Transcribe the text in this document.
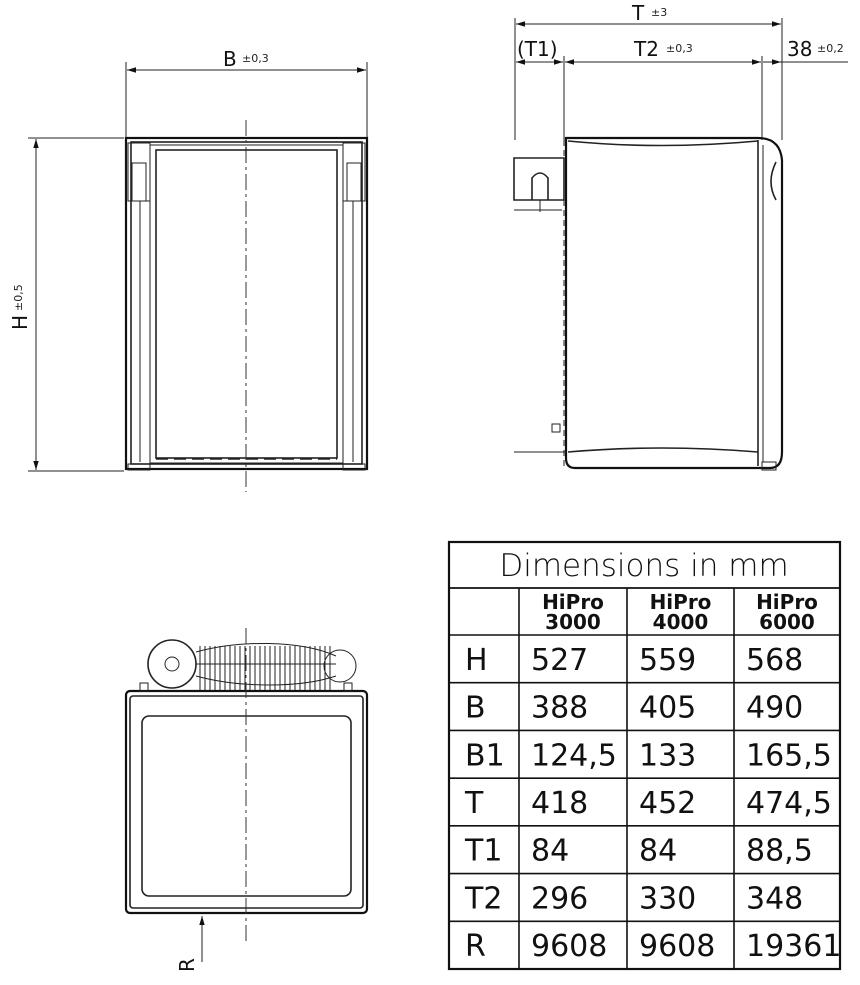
B ±0,3
H
±0,5
T ±3
(T1)	T2 ±0,3	38 ±0,2
R
Dimensions in mm
HiPro
3000
HiPro
4000
HiPro
6000
H 527 559 568
B 388 405 490
B1 124,5 133 165,5
T 418 452 474,5
T1 84 84 88,5
T2 296 330 348
R 9608 9608 19361
